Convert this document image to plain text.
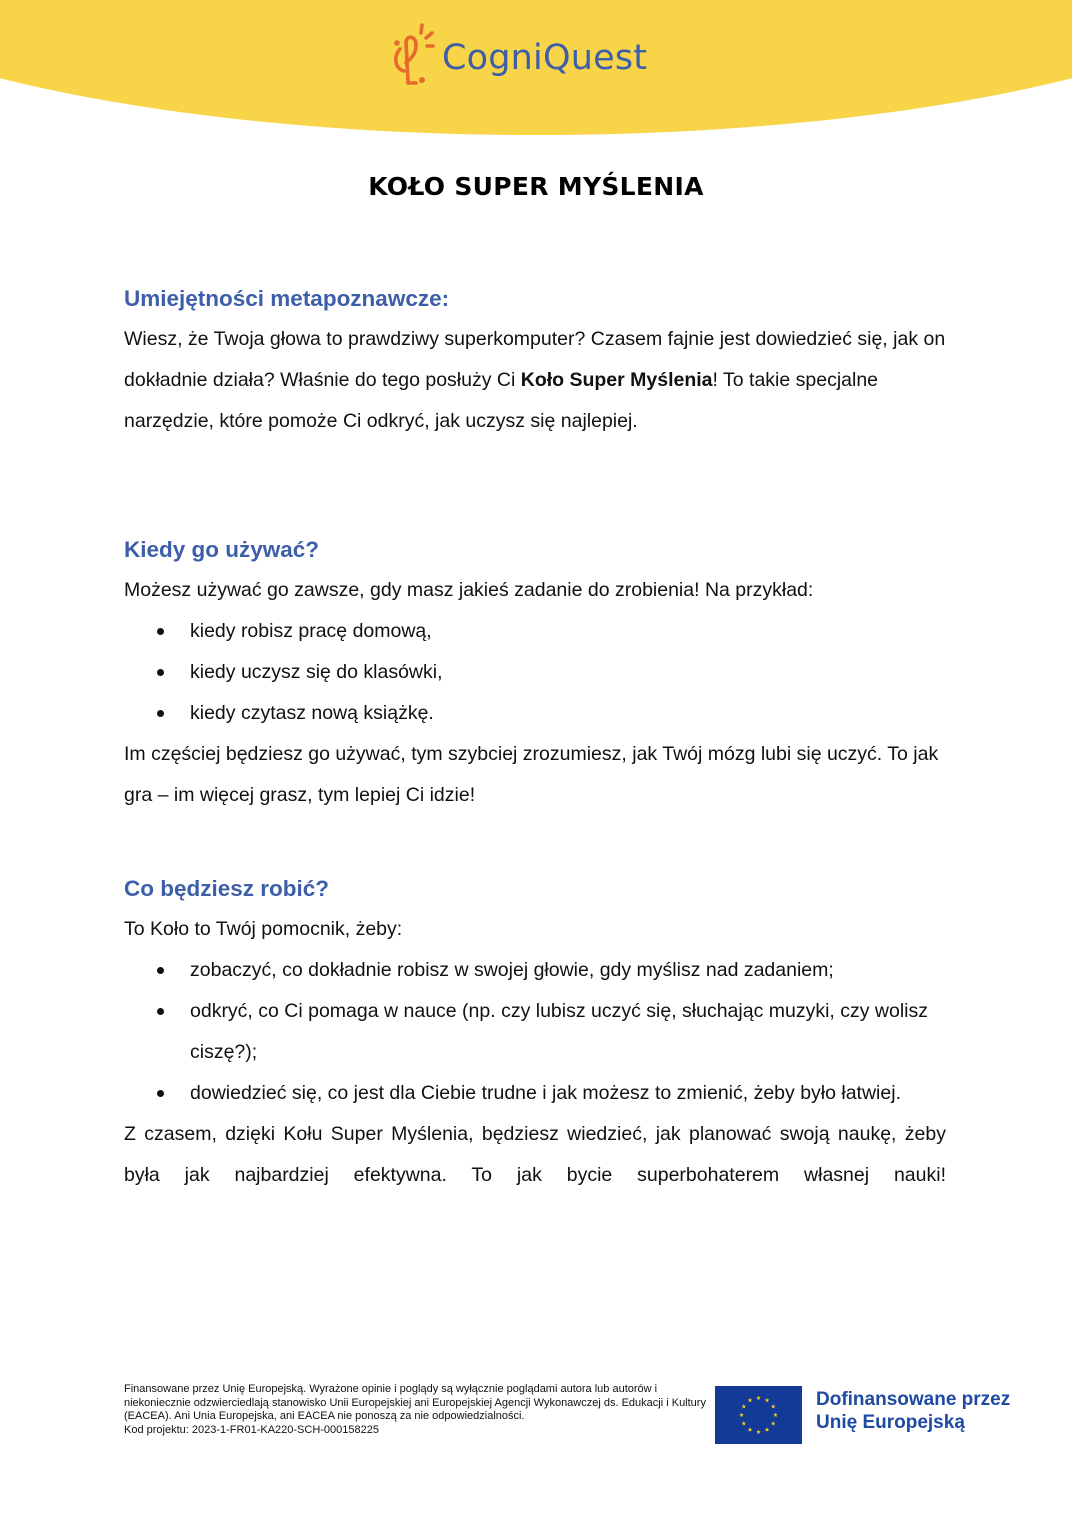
CogniQuest
KOŁO SUPER MYŚLENIA
Umiejętności metapoznawcze:

Wiesz, że Twoja głowa to prawdziwy superkomputer? Czasem fajnie jest dowiedzieć się, jak on dokładnie działa? Właśnie do tego posłuży Ci Koło Super Myślenia! To takie specjalne narzędzie, które pomoże Ci odkryć, jak uczysz się najlepiej.

Kiedy go używać?

Możesz używać go zawsze, gdy masz jakieś zadanie do zrobienia! Na przykład:

kiedy robisz pracę domową,
kiedy uczysz się do klasówki,
kiedy czytasz nową książkę.

Im częściej będziesz go używać, tym szybciej zrozumiesz, jak Twój mózg lubi się uczyć. To jak gra – im więcej grasz, tym lepiej Ci idzie!

Co będziesz robić?

To Koło to Twój pomocnik, żeby:

zobaczyć, co dokładnie robisz w swojej głowie, gdy myślisz nad zadaniem;
odkryć, co Ci pomaga w nauce (np. czy lubisz uczyć się, słuchając muzyki, czy wolisz ciszę?);
dowiedzieć się, co jest dla Ciebie trudne i jak możesz to zmienić, żeby było łatwiej.

Z czasem, dzięki Kołu Super Myślenia, będziesz wiedzieć, jak planować swoją naukę, żeby była jak najbardziej efektywna. To jak bycie superbohaterem własnej nauki!

Finansowane przez Unię Europejską. Wyrażone opinie i poglądy są wyłącznie poglądami autora lub autorów i niekoniecznie odzwierciedlają stanowisko Unii Europejskiej ani Europejskiej Agencji Wykonawczej ds. Edukacji i Kultury (EACEA). Ani Unia Europejska, ani EACEA nie ponoszą za nie odpowiedzialności.
Kod projektu: 2023-1-FR01-KA220-SCH-000158225
Dofinansowane przez
Unię Europejską
